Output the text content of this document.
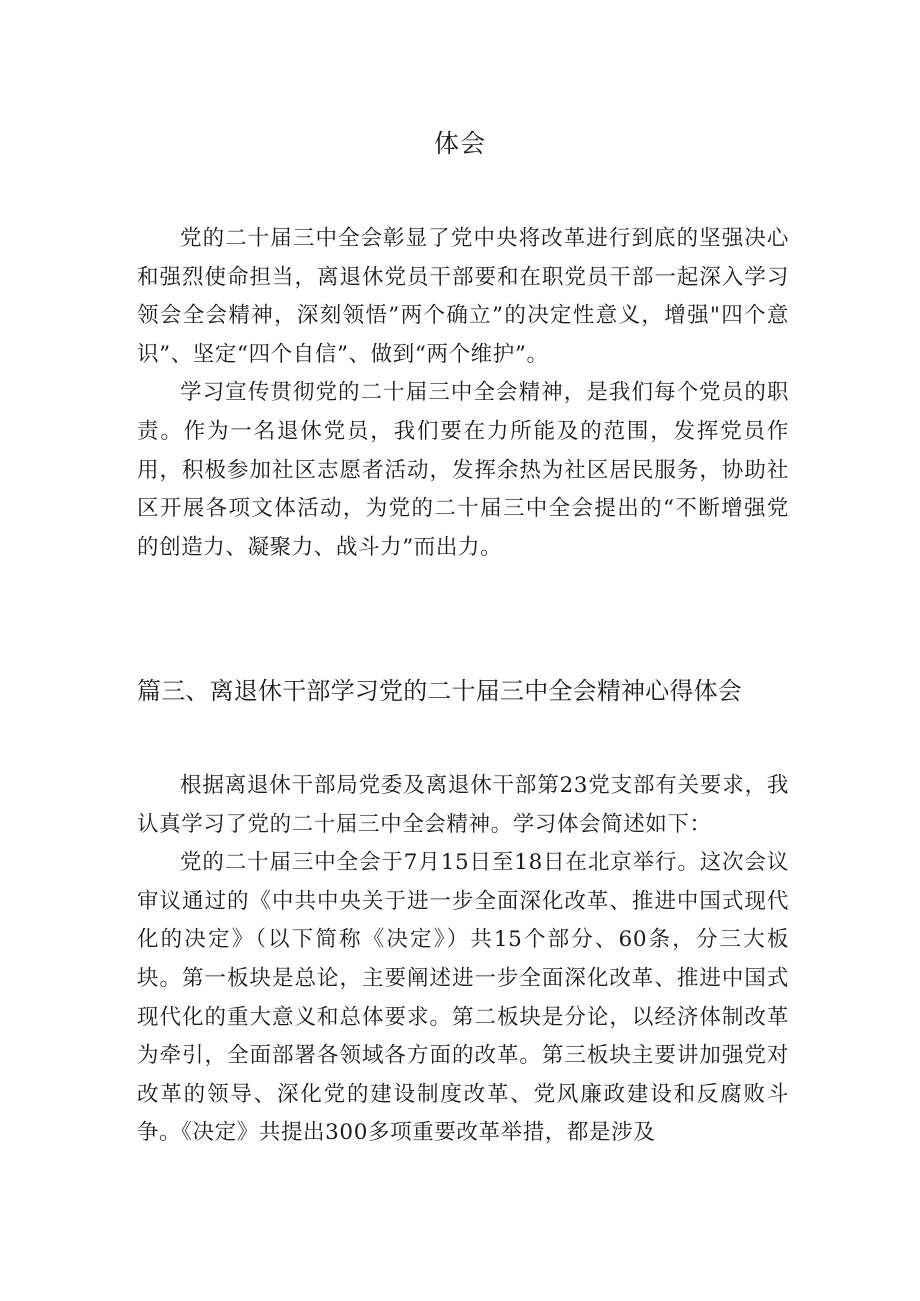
体会

党的二十届三中全会彰显了党中央将改革进行到底的坚强决心和强烈使命担当，离退休党员干部要和在职党员干部一起深入学习领会全会精神，深刻领悟”两个确立”的决定性意义，增强"四个意识”、坚定“四个自信”、做到“两个维护”。

学习宣传贯彻党的二十届三中全会精神，是我们每个党员的职责。作为一名退休党员，我们要在力所能及的范围，发挥党员作用，积极参加社区志愿者活动，发挥余热为社区居民服务，协助社区开展各项文体活动，为党的二十届三中全会提出的“不断增强党的创造力、凝聚力、战斗力”而出力。

篇三、离退休干部学习党的二十届三中全会精神心得体会

根据离退休干部局党委及离退休干部第23党支部有关要求，我认真学习了党的二十届三中全会精神。学习体会简述如下：

党的二十届三中全会于7月15日至18日在北京举行。这次会议审议通过的《中共中央关于进一步全面深化改革、推进中国式现代化的决定》（以下简称《决定》）共15个部分、60条，分三大板块。第一板块是总论，主要阐述进一步全面深化改革、推进中国式现代化的重大意义和总体要求。第二板块是分论，以经济体制改革为牵引，全面部署各领域各方面的改革。第三板块主要讲加强党对改革的领导、深化党的建设制度改革、党风廉政建设和反腐败斗争。《决定》共提出300多项重要改革举措，都是涉及
